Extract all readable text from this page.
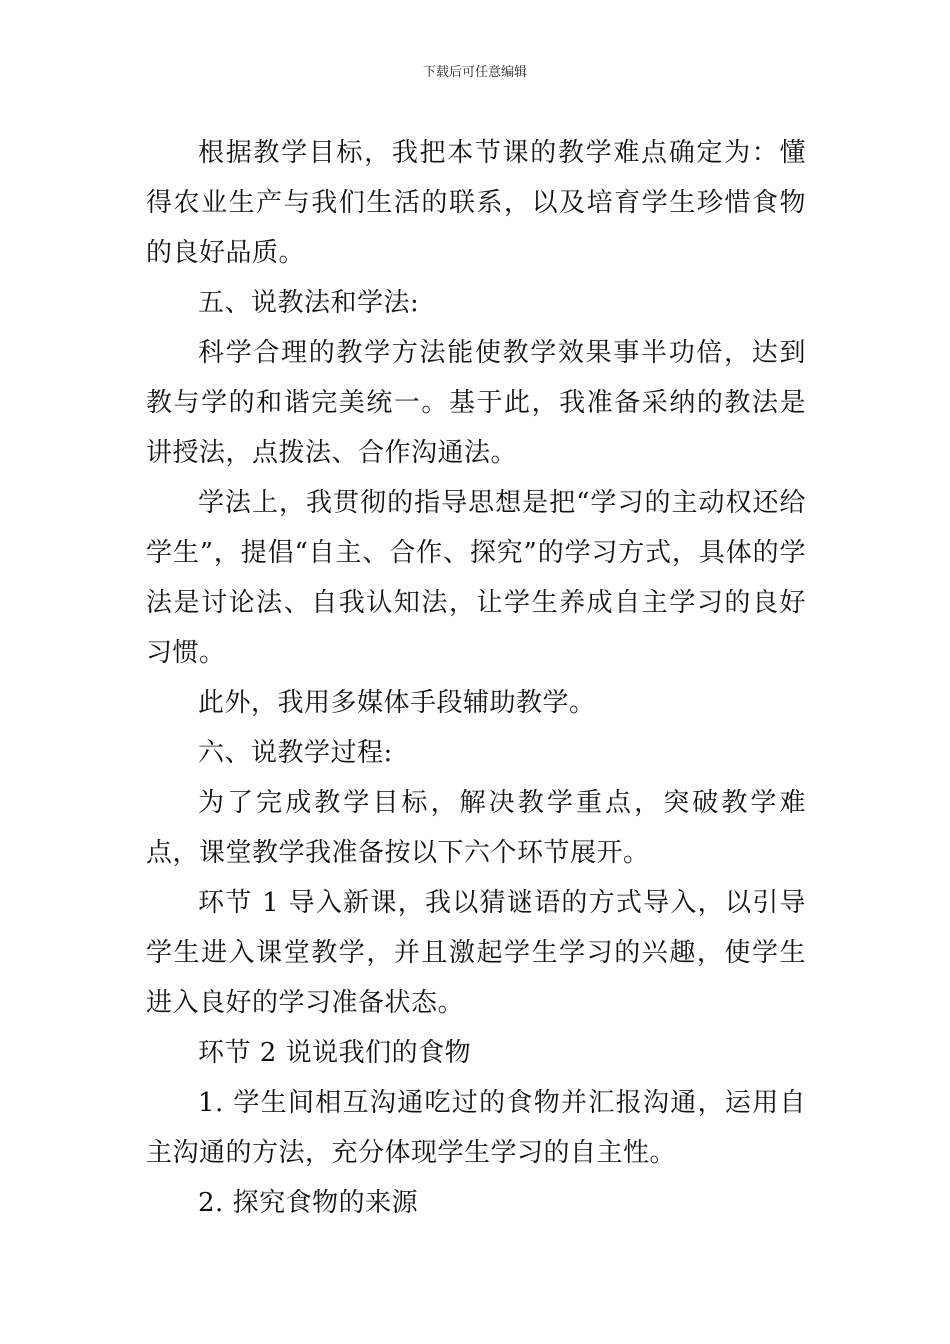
下载后可任意编辑

根据教学目标，我把本节课的教学难点确定为：懂得农业生产与我们生活的联系，以及培育学生珍惜食物的良好品质。

五、说教法和学法:

科学合理的教学方法能使教学效果事半功倍，达到教与学的和谐完美统一。基于此，我准备采纳的教法是讲授法，点拨法、合作沟通法。

学法上，我贯彻的指导思想是把“学习的主动权还给学生”，提倡“自主、合作、探究”的学习方式，具体的学法是讨论法、自我认知法，让学生养成自主学习的良好习惯。

此外，我用多媒体手段辅助教学。

六、说教学过程:

为了完成教学目标，解决教学重点，突破教学难点，课堂教学我准备按以下六个环节展开。

环节 1 导入新课，我以猜谜语的方式导入，以引导学生进入课堂教学，并且激起学生学习的兴趣，使学生进入良好的学习准备状态。

环节 2 说说我们的食物

1. 学生间相互沟通吃过的食物并汇报沟通，运用自主沟通的方法，充分体现学生学习的自主性。

2. 探究食物的来源
